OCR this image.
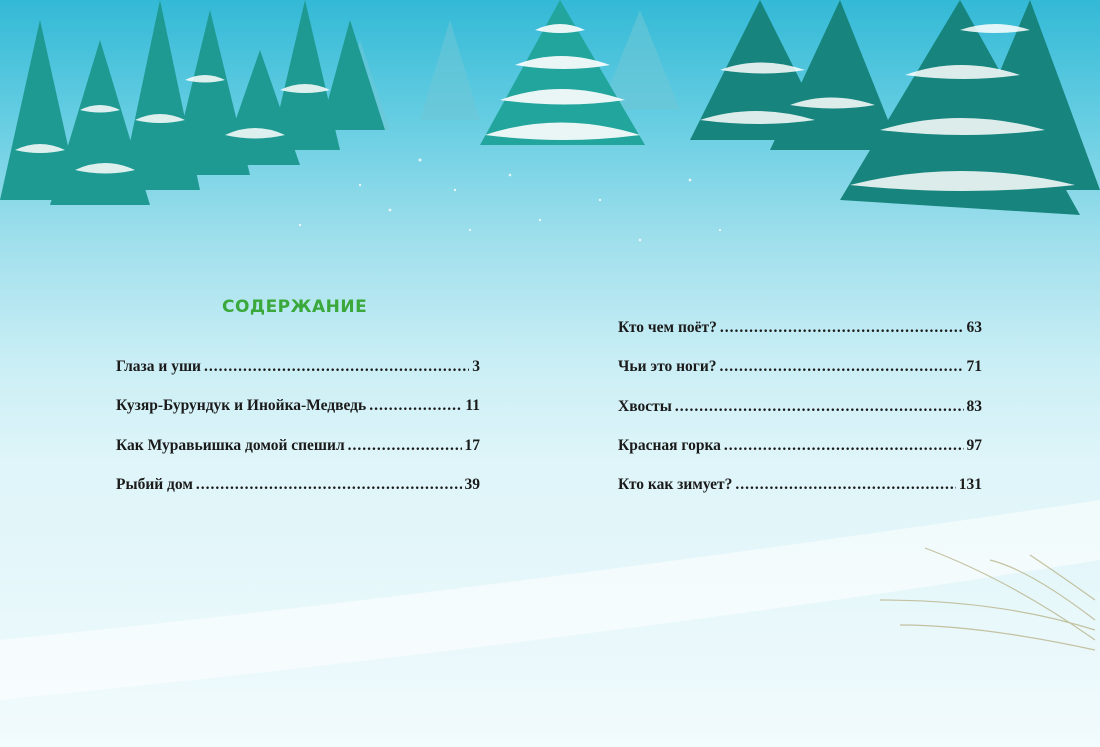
СОДЕРЖАНИЕ
Глаза и уши .....	3
Кузяр-Бурундук и Инойка-Медведь .....	11
Как Муравьишка домой спешил .....	17
Рыбий дом .....	39
Кто чем поёт? .....	63
Чьи это ноги? .....	71
Хвосты .....	83
Красная горка .....	97
Кто как зимует? .....	131
